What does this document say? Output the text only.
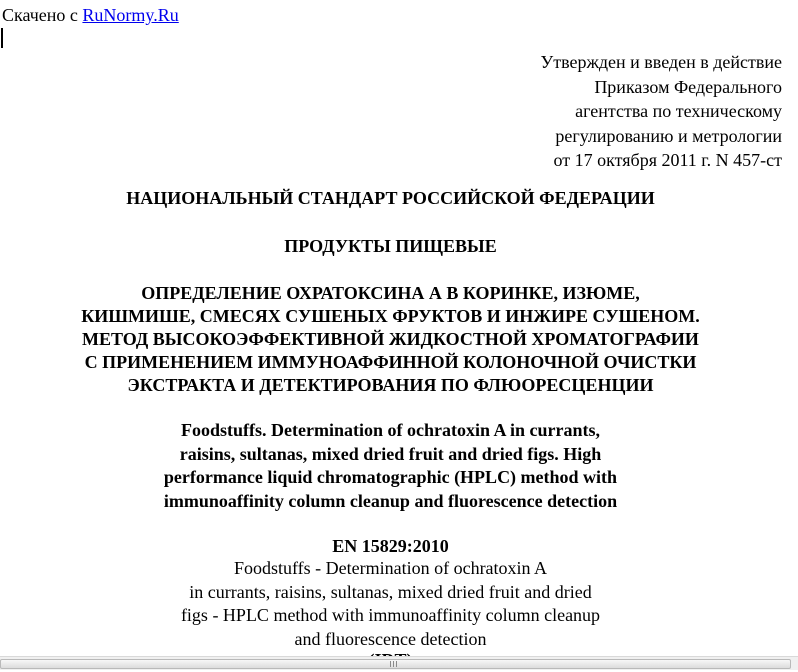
Скачено с RuNormy.Ru
Утвержден и введен в действие
Приказом Федерального
агентства по техническому
регулированию и метрологии
от 17 октября 2011 г. N 457-ст
НАЦИОНАЛЬНЫЙ СТАНДАРТ РОССИЙСКОЙ ФЕДЕРАЦИИ
ПРОДУКТЫ ПИЩЕВЫЕ
ОПРЕДЕЛЕНИЕ ОХРАТОКСИНА А В КОРИНКЕ, ИЗЮМЕ,
КИШМИШЕ, СМЕСЯХ СУШЕНЫХ ФРУКТОВ И ИНЖИРЕ СУШЕНОМ.
МЕТОД ВЫСОКОЭФФЕКТИВНОЙ ЖИДКОСТНОЙ ХРОМАТОГРАФИИ
С ПРИМЕНЕНИЕМ ИММУНОАФФИННОЙ КОЛОНОЧНОЙ ОЧИСТКИ
ЭКСТРАКТА И ДЕТЕКТИРОВАНИЯ ПО ФЛЮОРЕСЦЕНЦИИ
Foodstuffs. Determination of ochratoxin A in currants,
raisins, sultanas, mixed dried fruit and dried figs. High
performance liquid chromatographic (HPLC) method with
immunoaffinity column cleanup and fluorescence detection
EN 15829:2010
Foodstuffs - Determination of ochratoxin A
in currants, raisins, sultanas, mixed dried fruit and dried
figs - HPLC method with immunoaffinity column cleanup
and fluorescence detection
